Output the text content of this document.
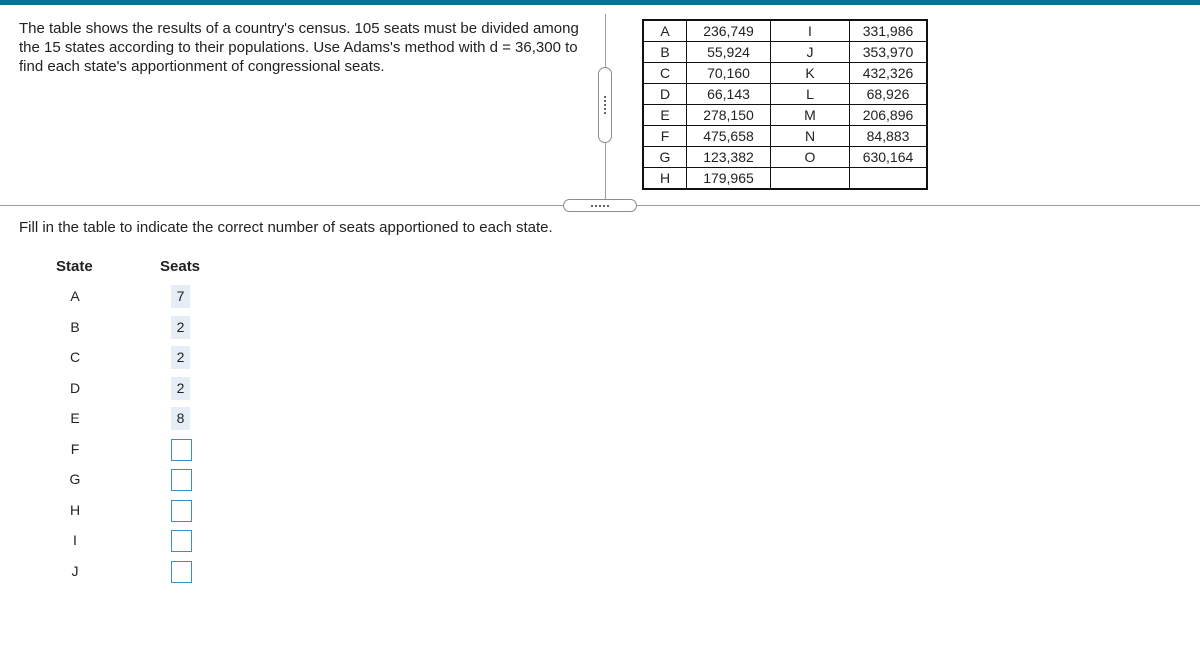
The table shows the results of a country's census. 105 seats must be divided among the 15 states according to their populations. Use Adams's method with d = 36,300 to find each state's apportionment of congressional seats.
A	236,749	I	331,986
B	55,924	J	353,970
C	70,160	K	432,326
D	66,143	L	68,926
E	278,150	M	206,896
F	475,658	N	84,883
G	123,382	O	630,164
H	179,965		
Fill in the table to indicate the correct number of seats apportioned to each state.
State	Seats
A	7
B	2
C	2
D	2
E	8
F
G
H
I
J
